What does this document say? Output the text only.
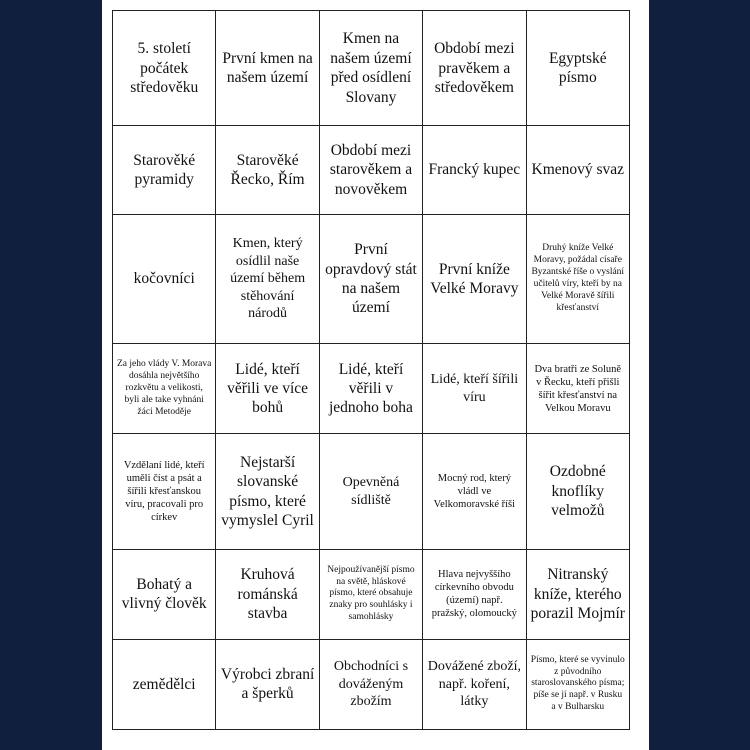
5. století počátek středověku	První kmen na našem území	Kmen na našem území před osídlení Slovany	Období mezi pravěkem a středověkem	Egyptské písmo
Starověké pyramidy	Starověké Řecko, Řím	Období mezi starověkem a novověkem	Francký kupec	Kmenový svaz
kočovníci	Kmen, který osídlil naše území během stěhování národů	První opravdový stát na našem území	První kníže Velké Moravy	Druhý kníže Velké Moravy, požádal císaře Byzantské říše o vyslání učitelů víry, kteří by na Velké Moravě šířili křesťanství
Za jeho vlády V. Morava dosáhla největšího rozkvětu a velikosti, byli ale take vyhnáni žáci Metoděje	Lidé, kteří věřili ve více bohů	Lidé, kteří věřili v jednoho boha	Lidé, kteří šířili víru	Dva bratři ze Soluně v Řecku, kteří přišli šířit křesťanství na Velkou Moravu
Vzdělaní lidé, kteří uměli číst a psát a šířili křesťanskou víru, pracovali pro církev	Nejstarší slovanské písmo, které vymyslel Cyril	Opevněná sídliště	Mocný rod, který vládl ve Velkomoravské říši	Ozdobné knoflíky velmožů
Bohatý a vlivný člověk	Kruhová románská stavba	Nejpoužívanější písmo na světě, hláskové písmo, které obsahuje znaky pro souhlásky i samohlásky	Hlava nejvyššího církevního obvodu (území) např. pražský, olomoucký	Nitranský kníže, kterého porazil Mojmír
zemědělci	Výrobci zbraní a šperků	Obchodníci s dováženým zbožím	Dovážené zboží, např. koření, látky	Písmo, které se vyvinulo z původního staroslovanského písma; píše se jí např. v Rusku a v Bulharsku
